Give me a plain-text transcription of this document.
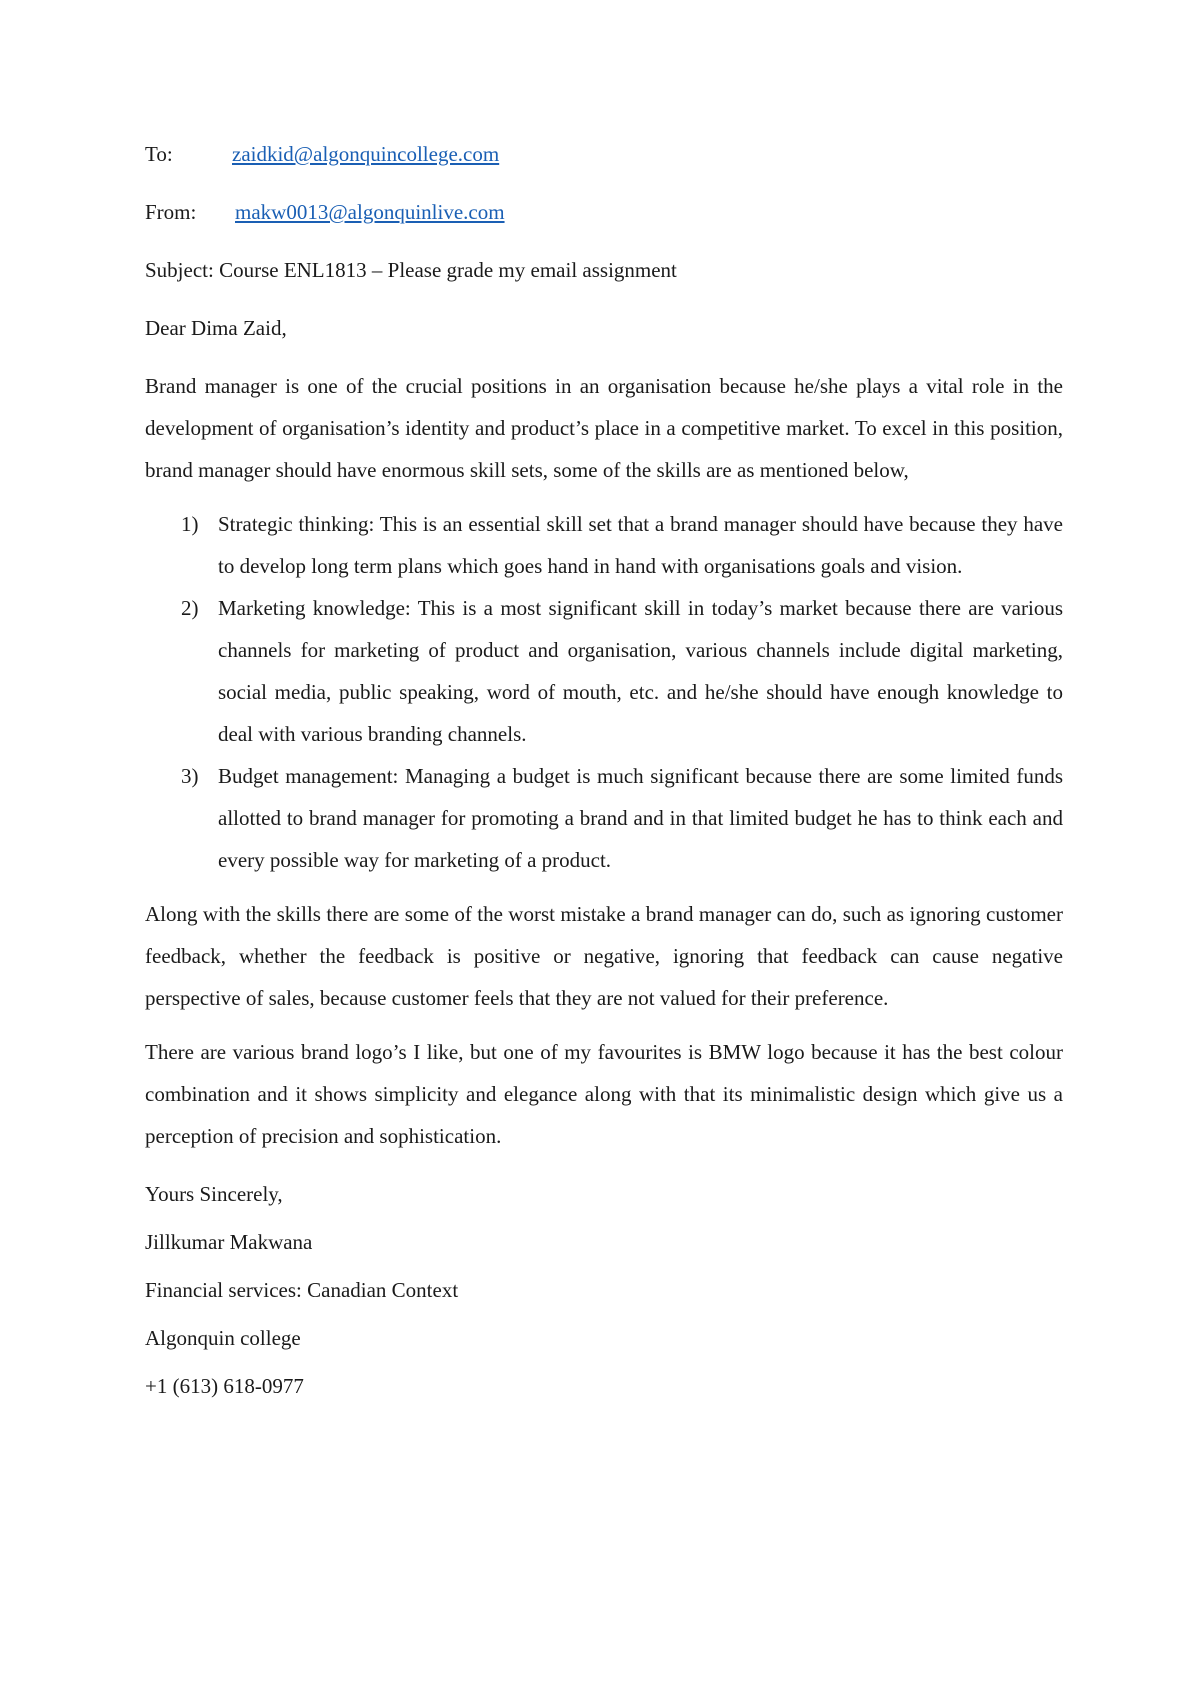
To:	zaidkid@algonquincollege.com

From:	makw0013@algonquinlive.com

Subject: Course ENL1813 – Please grade my email assignment

Dear Dima Zaid,

Brand manager is one of the crucial positions in an organisation because he/she plays a vital role in the development of organisation’s identity and product’s place in a competitive market. To excel in this position, brand manager should have enormous skill sets, some of the skills are as mentioned below,

1) Strategic thinking: This is an essential skill set that a brand manager should have because they have to develop long term plans which goes hand in hand with organisations goals and vision.
2) Marketing knowledge: This is a most significant skill in today’s market because there are various channels for marketing of product and organisation, various channels include digital marketing, social media, public speaking, word of mouth, etc. and he/she should have enough knowledge to deal with various branding channels.
3) Budget management: Managing a budget is much significant because there are some limited funds allotted to brand manager for promoting a brand and in that limited budget he has to think each and every possible way for marketing of a product.

Along with the skills there are some of the worst mistake a brand manager can do, such as ignoring customer feedback, whether the feedback is positive or negative, ignoring that feedback can cause negative perspective of sales, because customer feels that they are not valued for their preference.

There are various brand logo’s I like, but one of my favourites is BMW logo because it has the best colour combination and it shows simplicity and elegance along with that its minimalistic design which give us a perception of precision and sophistication.

Yours Sincerely,

Jillkumar Makwana

Financial services: Canadian Context

Algonquin college

+1 (613) 618-0977
